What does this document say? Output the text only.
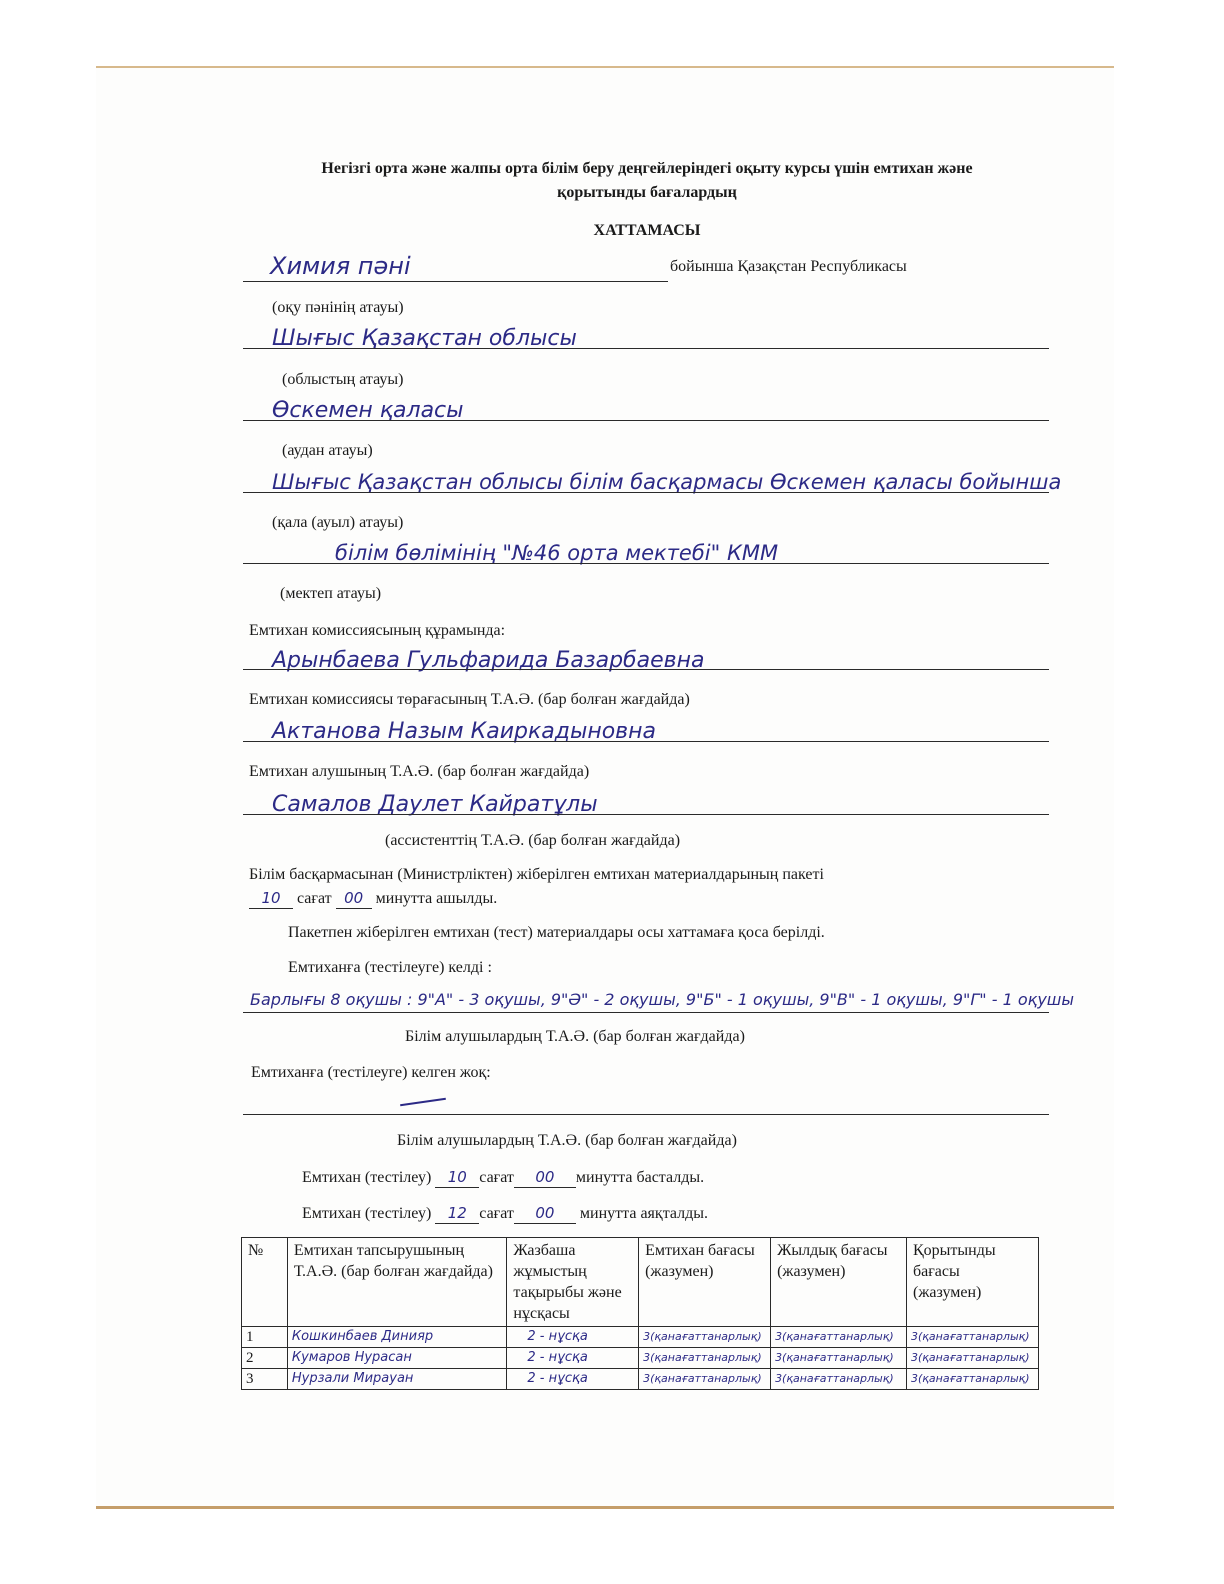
Негізгі орта және жалпы орта білім беру деңгейлеріндегі оқыту курсы үшін емтихан және
қорытынды бағалардың
ХАТТАМАСЫ
Химия пәні	бойынша Қазақстан Республикасы
(оқу пәнінің атауы)
Шығыс Қазақстан облысы
(облыстың атауы)
Өскемен қаласы
(аудан атауы)
Шығыс Қазақстан облысы білім басқармасы Өскемен қаласы бойынша
(қала (ауыл) атауы)
білім бөлімінің "№46 орта мектебі" КММ
(мектеп атауы)
Емтихан комиссиясының құрамында:
Арынбаева Гульфарида Базарбаевна
Емтихан комиссиясы төрағасының Т.А.Ә. (бар болған жағдайда)
Актанова Назым Каиркадыновна
Емтихан алушының Т.А.Ә. (бар болған жағдайда)
Самалов Даулет Кайратұлы
(ассистенттің Т.А.Ә. (бар болған жағдайда)
Білім басқармасынан (Министрліктен) жіберілген емтихан материалдарының пакеті
10 сағат 00 минутта ашылды.
Пакетпен жіберілген емтихан (тест) материалдары осы хаттамаға қоса берілді.
Емтиханға (тестілеуге) келді :
Барлығы 8 оқушы : 9"А" - 3 оқушы, 9"Ә" - 2 оқушы, 9"Б" - 1 оқушы, 9"В" - 1 оқушы, 9"Г" - 1 оқушы
Білім алушылардың Т.А.Ә. (бар болған жағдайда)
Емтиханға (тестілеуге) келген жоқ:
Білім алушылардың Т.А.Ә. (бар болған жағдайда)
Емтихан (тестілеу) 10 сағат 00 минутта басталды.
Емтихан (тестілеу) 12 сағат 00 минутта аяқталды.
№	Емтихан тапсырушының Т.А.Ә. (бар болған жағдайда)	Жазбаша жұмыстың тақырыбы және нұсқасы	Емтихан бағасы (жазумен)	Жылдық бағасы (жазумен)	Қорытынды бағасы (жазумен)
1	Кошкинбаев Динияр	2 - нұсқа	3(қанағаттанарлық)	3(қанағаттанарлық)	3(қанағаттанарлық)
2	Кумаров Нурасан	2 - нұсқа	3(қанағаттанарлық)	3(қанағаттанарлық)	3(қанағаттанарлық)
3	Нурзали Мирауан	2 - нұсқа	3(қанағаттанарлық)	3(қанағаттанарлық)	3(қанағаттанарлық)
